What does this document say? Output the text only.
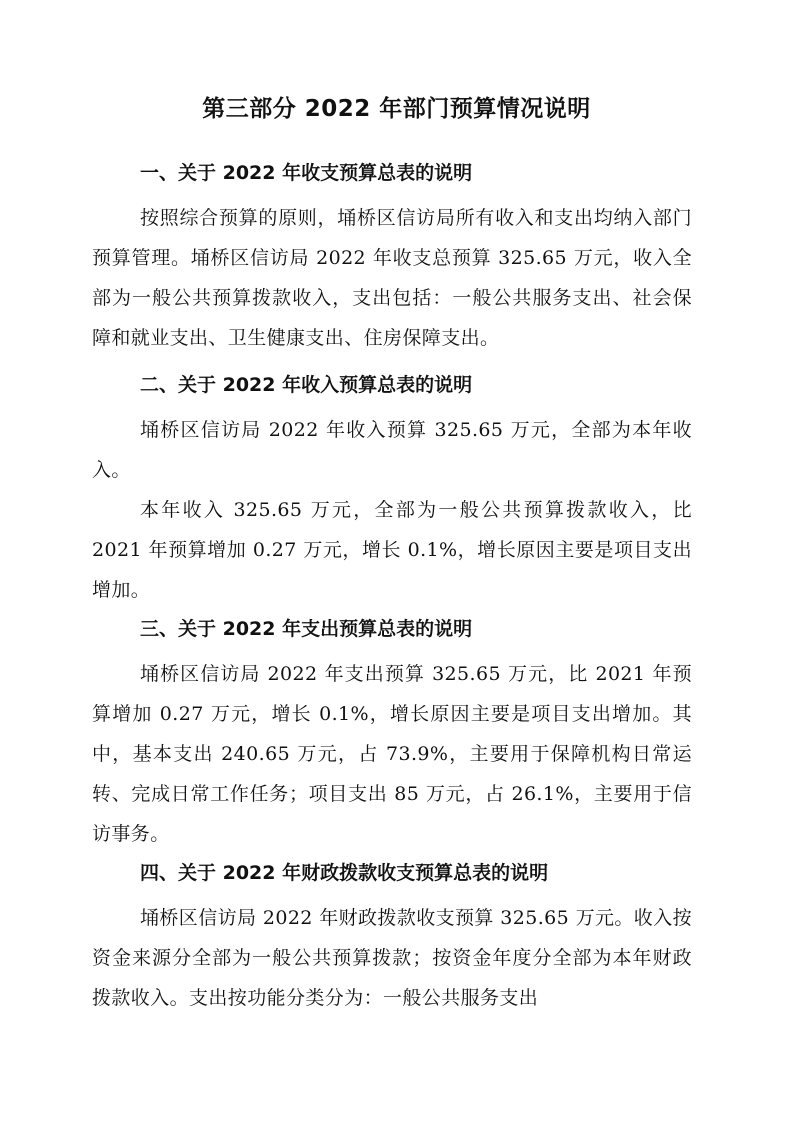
第三部分 2022 年部门预算情况说明

一、关于 2022 年收支预算总表的说明

按照综合预算的原则，埇桥区信访局所有收入和支出均纳入部门预算管理。埇桥区信访局 2022 年收支总预算 325.65 万元，收入全部为一般公共预算拨款收入，支出包括：一般公共服务支出、社会保障和就业支出、卫生健康支出、住房保障支出。

二、关于 2022 年收入预算总表的说明

埇桥区信访局 2022 年收入预算 325.65 万元，全部为本年收入。

本年收入 325.65 万元，全部为一般公共预算拨款收入，比 2021 年预算增加 0.27 万元，增长 0.1%，增长原因主要是项目支出增加。

三、关于 2022 年支出预算总表的说明

埇桥区信访局 2022 年支出预算 325.65 万元，比 2021 年预算增加 0.27 万元，增长 0.1%，增长原因主要是项目支出增加。其中，基本支出 240.65 万元，占 73.9%，主要用于保障机构日常运转、完成日常工作任务；项目支出 85 万元，占 26.1%，主要用于信访事务。

四、关于 2022 年财政拨款收支预算总表的说明

埇桥区信访局 2022 年财政拨款收支预算 325.65 万元。收入按资金来源分全部为一般公共预算拨款；按资金年度分全部为本年财政拨款收入。支出按功能分类分为：一般公共服务支出
